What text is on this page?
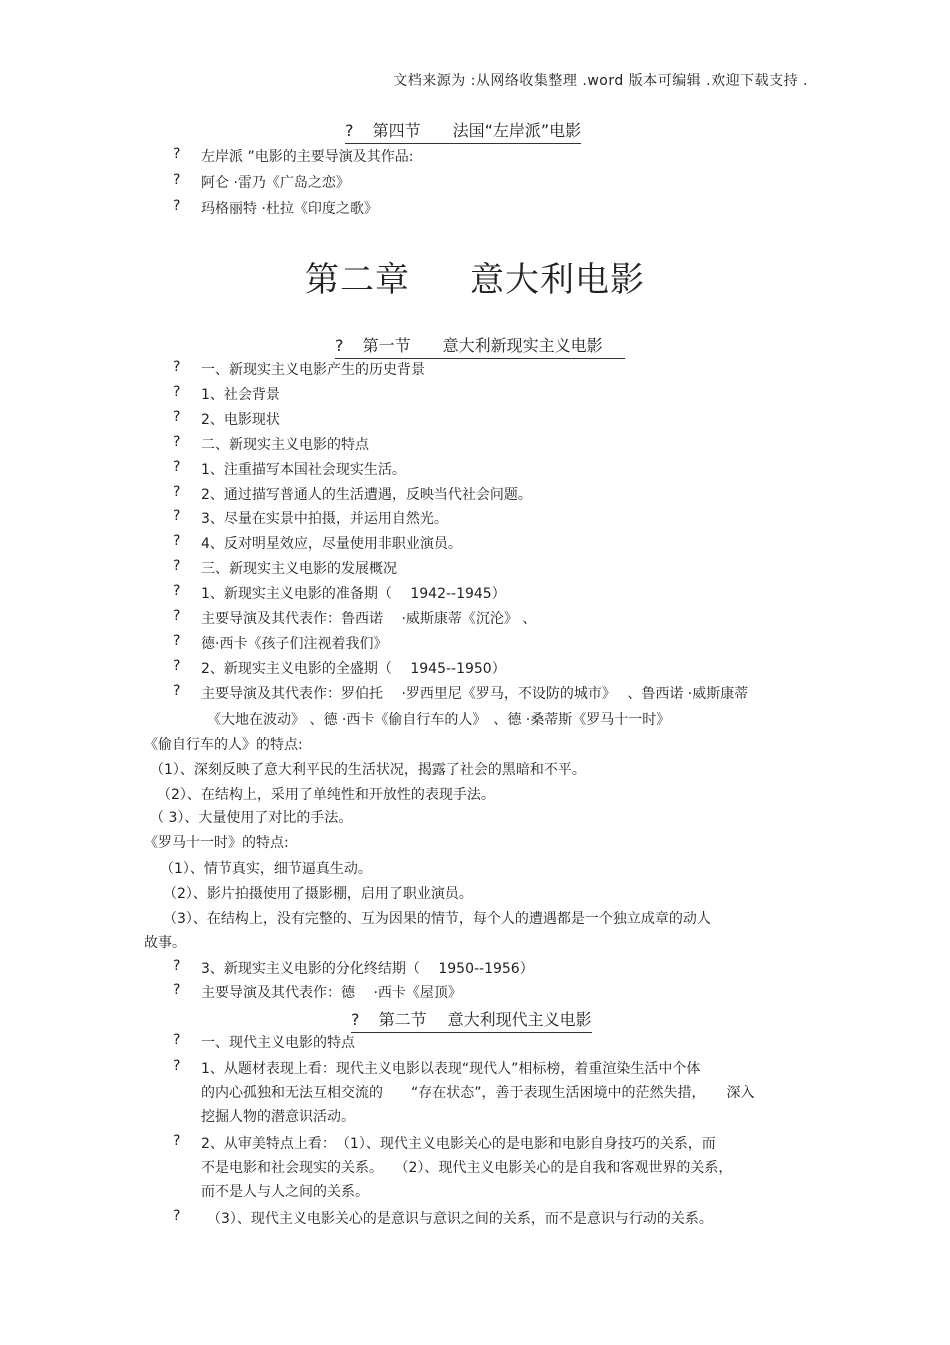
文档来源为 :从网络收集整理 .word 版本可编辑 .欢迎下载支持 .
? 第四节　　法国“左岸派”电影
? 左岸派 ”电影的主要导演及其作品:
? 阿仑 ·雷乃《广岛之恋》
? 玛格丽特 ·杜拉《印度之歌》
第二章 意大利电影
? 第一节　　意大利新现实主义电影
? 一、新现实主义电影产生的历史背景
? 1、社会背景
? 2、电影现状
? 二、新现实主义电影的特点
? 1、注重描写本国社会现实生活。
? 2、通过描写普通人的生活遭遇，反映当代社会问题。
? 3、尽量在实景中拍摄，并运用自然光。
? 4、反对明星效应，尽量使用非职业演员。
? 三、新现实主义电影的发展概况
? 1、新现实主义电影的准备期（　 1942--1945）
? 主要导演及其代表作：鲁西诺　 ·威斯康蒂《沉沦》 、
? 德·西卡《孩子们注视着我们》
? 2、新现实主义电影的全盛期（　 1945--1950）
? 主要导演及其代表作：罗伯托　 ·罗西里尼《罗马，不设防的城市》　 、鲁西诺 ·威斯康蒂
《大地在波动》 、德 ·西卡《偷自行车的人》　、德 ·桑蒂斯《罗马十一时》
《偷自行车的人》的特点:
（1）、深刻反映了意大利平民的生活状况，揭露了社会的黑暗和不平。
（2）、在结构上，采用了单纯性和开放性的表现手法。
（ 3）、大量使用了对比的手法。
《罗马十一时》的特点:
（1）、情节真实，细节逼真生动。
（2）、影片拍摄使用了摄影棚，启用了职业演员。
（3）、在结构上，没有完整的、互为因果的情节，每个人的遭遇都是一个独立成章的动人
故事。
? 3、新现实主义电影的分化终结期（　 1950--1956）
? 主要导演及其代表作：德　 ·西卡《屋顶》
? 第二节　 意大利现代主义电影
? 一、现代主义电影的特点
? 1、从题材表现上看：现代主义电影以表现“现代人”相标榜，着重渲染生活中个体
的内心孤独和无法互相交流的　　“存在状态”，善于表现生活困境中的茫然失措，　　深入
挖掘人物的潜意识活动。
? 2、从审美特点上看：　（1）、现代主义电影关心的是电影和电影自身技巧的关系，而
不是电影和社会现实的关系。　 （2）、现代主义电影关心的是自我和客观世界的关系，
而不是人与人之间的关系。
? （3）、现代主义电影关心的是意识与意识之间的关系，而不是意识与行动的关系。
